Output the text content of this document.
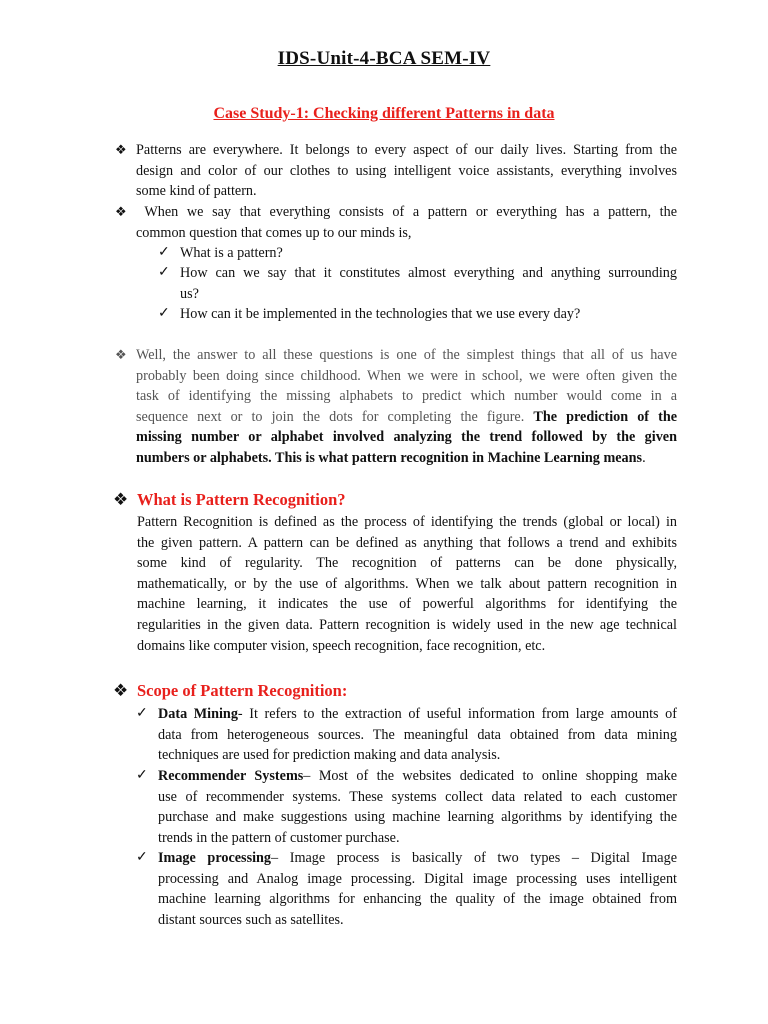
IDS-Unit-4-BCA SEM-IV
Case Study-1: Checking different Patterns in data
❖ Patterns are everywhere. It belongs to every aspect of our daily lives. Starting from the
design and color of our clothes to using intelligent voice assistants, everything involves
some kind of pattern.
❖ When we say that everything consists of a pattern or everything has a pattern, the
common question that comes up to our minds is,
✓ What is a pattern?
✓ How can we say that it constitutes almost everything and anything surrounding
us?
✓ How can it be implemented in the technologies that we use every day?
❖ Well, the answer to all these questions is one of the simplest things that all of us have
probably been doing since childhood. When we were in school, we were often given the
task of identifying the missing alphabets to predict which number would come in a
sequence next or to join the dots for completing the figure. The prediction of the
missing number or alphabet involved analyzing the trend followed by the given
numbers or alphabets. This is what pattern recognition in Machine Learning means.
❖ What is Pattern Recognition?
Pattern Recognition is defined as the process of identifying the trends (global or local) in
the given pattern. A pattern can be defined as anything that follows a trend and exhibits
some kind of regularity. The recognition of patterns can be done physically,
mathematically, or by the use of algorithms. When we talk about pattern recognition in
machine learning, it indicates the use of powerful algorithms for identifying the
regularities in the given data. Pattern recognition is widely used in the new age technical
domains like computer vision, speech recognition, face recognition, etc.
❖ Scope of Pattern Recognition:
✓ Data Mining- It refers to the extraction of useful information from large amounts of
data from heterogeneous sources. The meaningful data obtained from data mining
techniques are used for prediction making and data analysis.
✓ Recommender Systems– Most of the websites dedicated to online shopping make
use of recommender systems. These systems collect data related to each customer
purchase and make suggestions using machine learning algorithms by identifying the
trends in the pattern of customer purchase.
✓ Image processing– Image process is basically of two types – Digital Image
processing and Analog image processing. Digital image processing uses intelligent
machine learning algorithms for enhancing the quality of the image obtained from
distant sources such as satellites.
